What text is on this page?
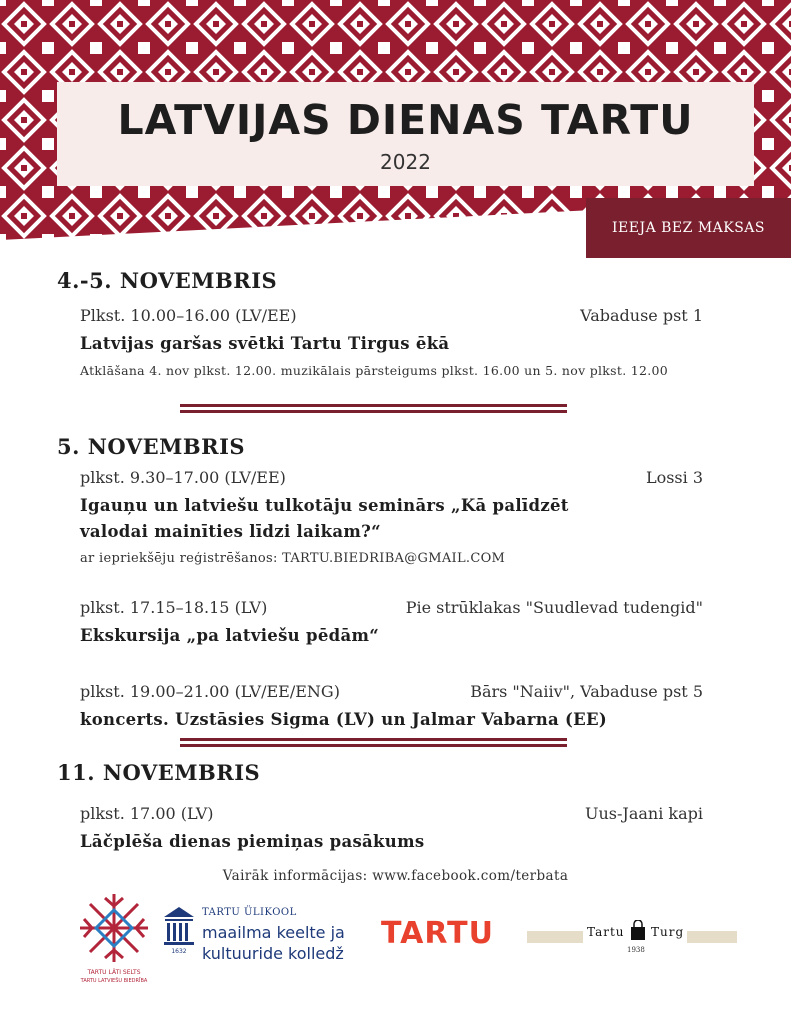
LATVIJAS DIENAS TARTU
2022
IEEJA BEZ MAKSAS
4.-5. NOVEMBRIS
Plkst. 10.00–16.00 (LV/EE)	Vabaduse pst 1
Latvijas garšas svētki Tartu Tirgus ēkā
Atklāšana 4. nov plkst. 12.00. muzikālais pārsteigums plkst. 16.00 un 5. nov plkst. 12.00
5. NOVEMBRIS
plkst. 9.30–17.00 (LV/EE)	Lossi 3
Igauņu un latviešu tulkotāju seminārs „Kā palīdzēt
valodai mainīties līdzi laikam?“
ar iepriekšēju reģistrēšanos: TARTU.BIEDRIBA@GMAIL.COM
plkst. 17.15–18.15 (LV)	Pie strūklakas "Suudlevad tudengid"
Ekskursija „pa latviešu pēdām“
plkst. 19.00–21.00 (LV/EE/ENG)	Bārs "Naiiv", Vabaduse pst 5
koncerts. Uzstāsies Sigma (LV) un Jalmar Vabarna (EE)
11. NOVEMBRIS
plkst. 17.00 (LV)	Uus-Jaani kapi
Lāčplēša dienas piemiņas pasākums
Vairāk informācijas: www.facebook.com/terbata
TARTU LÄTI SELTS
TARTU LATVIEŠU BIEDRĪBA
1632
TARTU ÜLIKOOL
maailma keelte ja
kultuuride kolledž
TARTU	Tartu Turg
1938
